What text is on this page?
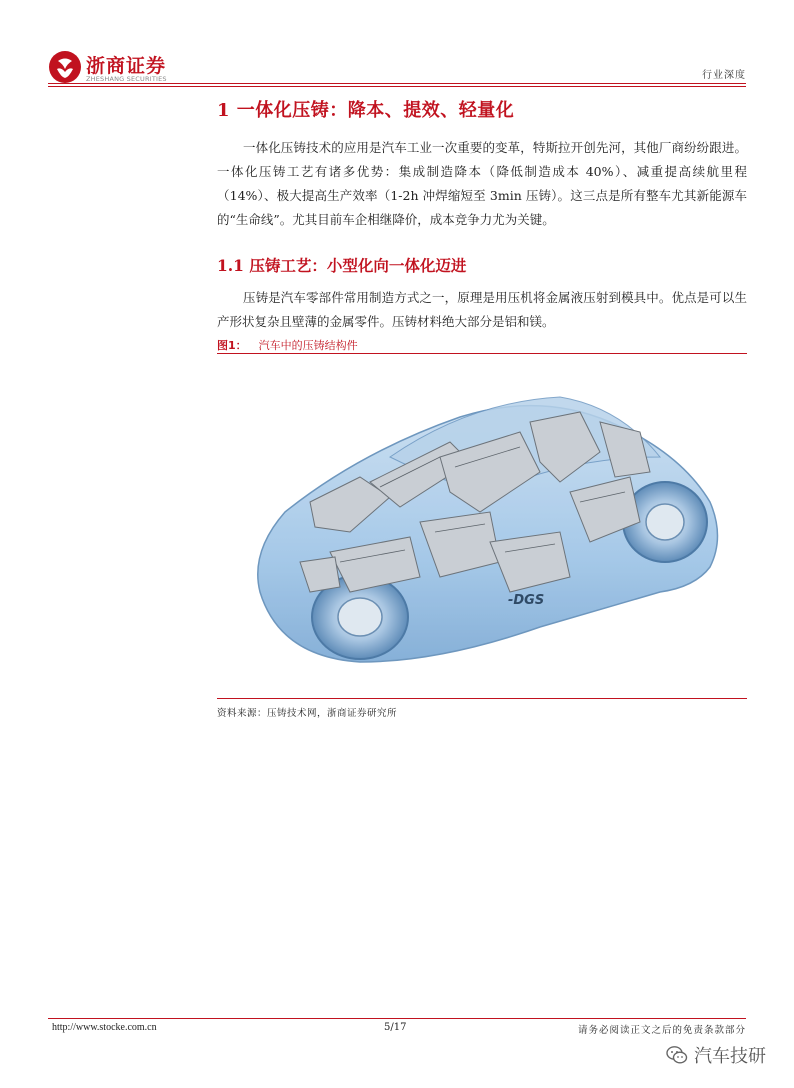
浙商证券
ZHESHANG SECURITIES	行业深度
1 一体化压铸：降本、提效、轻量化
一体化压铸技术的应用是汽车工业一次重要的变革，特斯拉开创先河，其他厂商纷纷跟进。一体化压铸工艺有诸多优势：集成制造降本（降低制造成本 40%）、减重提高续航里程（14%）、极大提高生产效率（1-2h 冲焊缩短至 3min 压铸）。这三点是所有整车尤其新能源车的“生命线”。尤其目前车企相继降价，成本竞争力尤为关键。
1.1 压铸工艺：小型化向一体化迈进
压铸是汽车零部件常用制造方式之一，原理是用压机将金属液压射到模具中。优点是可以生产形状复杂且壁薄的金属零件。压铸材料绝大部分是铝和镁。
图1： 汽车中的压铸结构件
-DGS
资料来源：压铸技术网，浙商证券研究所
http://www.stocke.com.cn	5/17	请务必阅读正文之后的免责条款部分
汽车技研
